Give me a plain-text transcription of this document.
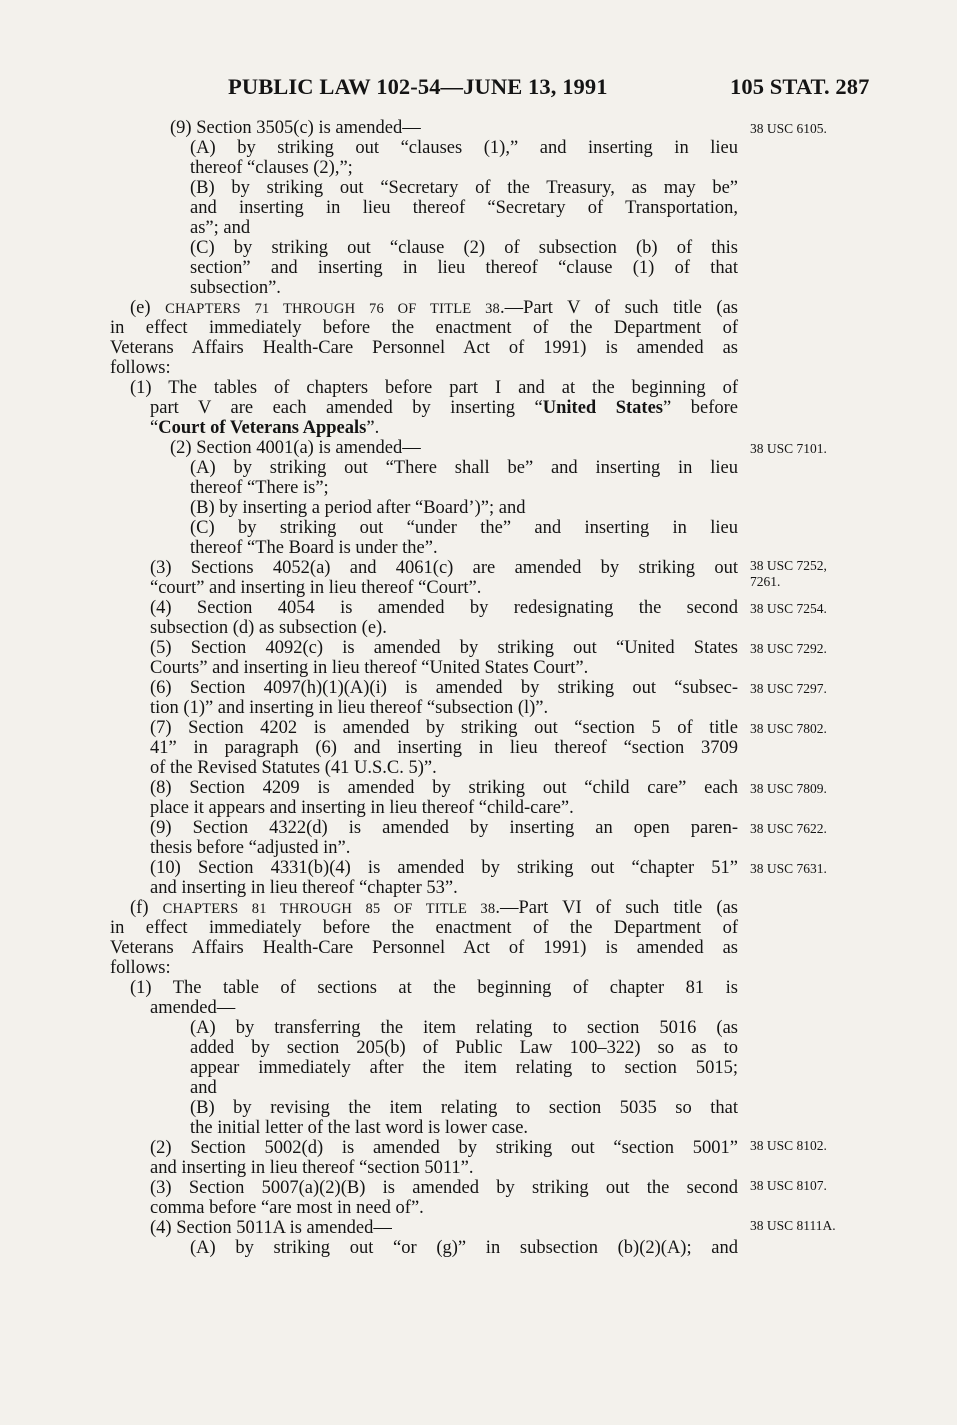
PUBLIC LAW 102-54—JUNE 13, 1991	105 STAT. 287
(9) Section 3505(c) is amended—
(A) by striking out “clauses (1),” and inserting in lieu
thereof “clauses (2),”;
(B) by striking out “Secretary of the Treasury, as may be”
and inserting in lieu thereof “Secretary of Transportation,
as”; and
(C) by striking out “clause (2) of subsection (b) of this
section” and inserting in lieu thereof “clause (1) of that
subsection”.
(e) CHAPTERS 71 THROUGH 76 OF TITLE 38.—Part V of such title (as
in effect immediately before the enactment of the Department of
Veterans Affairs Health-Care Personnel Act of 1991) is amended as
follows:
(1) The tables of chapters before part I and at the beginning of
part V are each amended by inserting “United States” before
“Court of Veterans Appeals”.
(2) Section 4001(a) is amended—
(A) by striking out “There shall be” and inserting in lieu
thereof “There is”;
(B) by inserting a period after “Board’)”; and
(C) by striking out “under the” and inserting in lieu
thereof “The Board is under the”.
(3) Sections 4052(a) and 4061(c) are amended by striking out
“court” and inserting in lieu thereof “Court”.
(4) Section 4054 is amended by redesignating the second
subsection (d) as subsection (e).
(5) Section 4092(c) is amended by striking out “United States
Courts” and inserting in lieu thereof “United States Court”.
(6) Section 4097(h)(1)(A)(i) is amended by striking out “subsec-
tion (1)” and inserting in lieu thereof “subsection (l)”.
(7) Section 4202 is amended by striking out “section 5 of title
41” in paragraph (6) and inserting in lieu thereof “section 3709
of the Revised Statutes (41 U.S.C. 5)”.
(8) Section 4209 is amended by striking out “child care” each
place it appears and inserting in lieu thereof “child-care”.
(9) Section 4322(d) is amended by inserting an open paren-
thesis before “adjusted in”.
(10) Section 4331(b)(4) is amended by striking out “chapter 51”
and inserting in lieu thereof “chapter 53”.
(f) CHAPTERS 81 THROUGH 85 OF TITLE 38.—Part VI of such title (as
in effect immediately before the enactment of the Department of
Veterans Affairs Health-Care Personnel Act of 1991) is amended as
follows:
(1) The table of sections at the beginning of chapter 81 is
amended—
(A) by transferring the item relating to section 5016 (as
added by section 205(b) of Public Law 100–322) so as to
appear immediately after the item relating to section 5015;
and
(B) by revising the item relating to section 5035 so that
the initial letter of the last word is lower case.
(2) Section 5002(d) is amended by striking out “section 5001”
and inserting in lieu thereof “section 5011”.
(3) Section 5007(a)(2)(B) is amended by striking out the second
comma before “are most in need of”.
(4) Section 5011A is amended—
(A) by striking out “or (g)” in subsection (b)(2)(A); and
38 USC 6105.
38 USC 7101.
38 USC 7252,
7261.
38 USC 7254.
38 USC 7292.
38 USC 7297.
38 USC 7802.
38 USC 7809.
38 USC 7622.
38 USC 7631.
38 USC 8102.
38 USC 8107.
38 USC 8111A.
